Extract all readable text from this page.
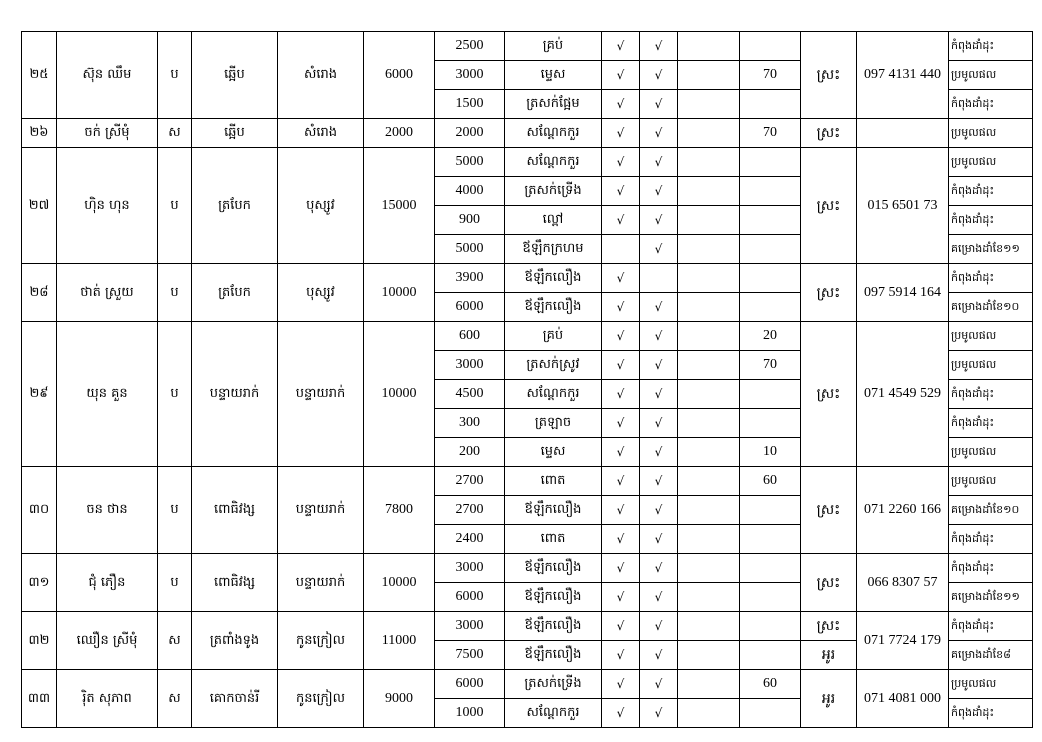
២៥	ស៊ុន ឈឹម	ប	ឆ្អើប	សំរោង	6000	2500	គ្រប់	√	√			ស្រះ	097 4131 440	កំពុងដាំដុះ
						3000	ម្ទេស	√	√		70			ប្រមូលផល
						1500	ត្រសក់ផ្អែម	√	√					កំពុងដាំដុះ
២៦	ចក់ ស្រីមុំ	ស	ឆ្អើប	សំរោង	2000	2000	សណ្តែកកួរ	√	√		70	ស្រះ		ប្រមូលផល
២៧	ហ៊ិន ហុន	ប	ត្របែក	បុស្សូវ	15000	5000	សណ្តែកកួរ	√	√			ស្រះ	015 6501 73	ប្រមូលផល
						4000	ត្រសក់ទ្រើង	√	√					កំពុងដាំដុះ
						900	ល្ពៅ	√	√					កំពុងដាំដុះ
						5000	ឪឡឹកក្រហម		√					គម្រោងដាំខែ១១
២៨	ថាត់ ស្រួយ	ប	ត្របែក	បុស្សូវ	10000	3900	ឪឡឹកលឿង	√				ស្រះ	097 5914 164	កំពុងដាំដុះ
						6000	ឪឡឹកលឿង	√	√					គម្រោងដាំខែ១០
២៩	យុន គួន	ប	បន្ទាយរាក់	បន្ទាយរាក់	10000	600	គ្រប់	√	√		20	ស្រះ	071 4549 529	ប្រមូលផល
						3000	ត្រសក់ស្រូវ	√	√		70			ប្រមូលផល
						4500	សណ្តែកកួរ	√	√					កំពុងដាំដុះ
						300	ត្រឡាច	√	√					កំពុងដាំដុះ
						200	ម្ទេស	√	√		10			ប្រមូលផល
៣០	ចន ថាន	ប	ពោធិវង្ស	បន្ទាយរាក់	7800	2700	ពោត	√	√		60	ស្រះ	071 2260 166	ប្រមូលផល
						2700	ឪឡឹកលឿង	√	√					គម្រោងដាំខែ១០
						2400	ពោត	√	√					កំពុងដាំដុះ
៣១	ជុំ ភឿន	ប	ពោធិវង្ស	បន្ទាយរាក់	10000	3000	ឪឡឹកលឿង	√	√			ស្រះ	066 8307 57	កំពុងដាំដុះ
						6000	ឪឡឹកលឿង	√	√					គម្រោងដាំខែ១១
៣២	ឈឿន ស្រីមុំ	ស	ត្រពាំងទូង	កូនក្រៀល	11000	3000	ឪឡឹកលឿង	√	√			ស្រះ	071 7724 179	កំពុងដាំដុះ
						7500	ឪឡឹកលឿង	√	√			អូរ		គម្រោងដាំខែ៨
៣៣	រ៉ិត សុភាព	ស	គោកចាន់រី	កូនក្រៀល	9000	6000	ត្រសក់ទ្រើង	√	√		60	អូរ	071 4081 000	ប្រមូលផល
						1000	សណ្តែកកួរ	√	√					កំពុងដាំដុះ
